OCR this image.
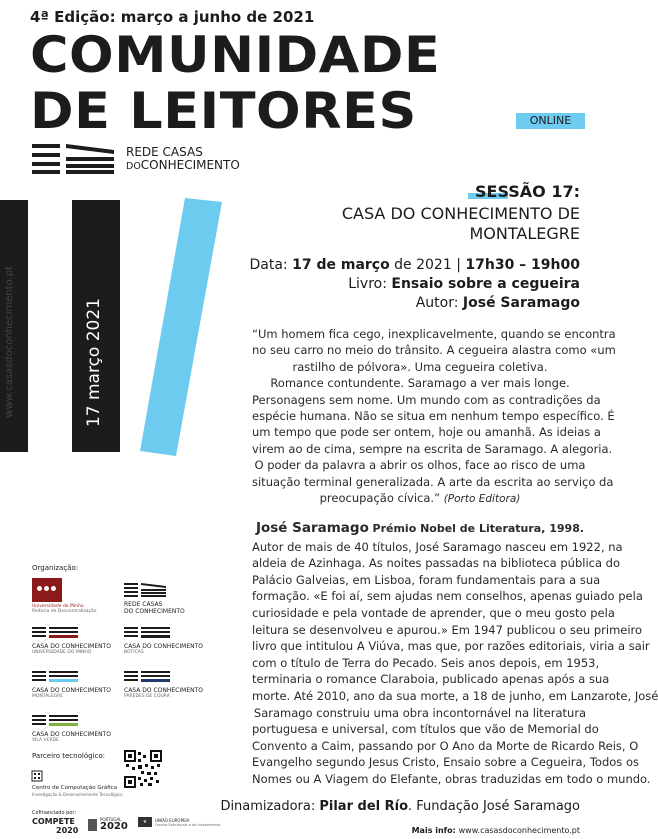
4ª Edição: março a junho de 2021
COMUNIDADE
DE LEITORES	ONLINE
REDE CASAS
DOCONHECIMENTO
www.casasdoconhecimento.pt	17 março 2021
SESSÃO 17:
CASA DO CONHECIMENTO DE
MONTALEGRE
Data: 17 de março de 2021 | 17h30 – 19h00
Livro: Ensaio sobre a cegueira
Autor: José Saramago
“Um homem fica cego, inexplicavelmente, quando se encontra
no seu carro no meio do trânsito. A cegueira alastra como «um
rastilho de pólvora». Uma cegueira coletiva.
Romance contundente. Saramago a ver mais longe.
Personagens sem nome. Um mundo com as contradições da
espécie humana. Não se situa em nenhum tempo específico. É
um tempo que pode ser ontem, hoje ou amanhã. As ideias a
virem ao de cima, sempre na escrita de Saramago. A alegoria.
O poder da palavra a abrir os olhos, face ao risco de uma
situação terminal generalizada. A arte da escrita ao serviço da
preocupação cívica.” (Porto Editora)
José Saramago Prémio Nobel de Literatura, 1998.
Autor de mais de 40 títulos, José Saramago nasceu em 1922, na
aldeia de Azinhaga. As noites passadas na biblioteca pública do
Palácio Galveias, em Lisboa, foram fundamentais para a sua
formação. «E foi aí, sem ajudas nem conselhos, apenas guiado pela
curiosidade e pela vontade de aprender, que o meu gosto pela
leitura se desenvolveu e apurou.» Em 1947 publicou o seu primeiro
livro que intitulou A Viúva, mas que, por razões editoriais, viria a sair
com o título de Terra do Pecado. Seis anos depois, em 1953,
terminaria o romance Claraboia, publicado apenas após a sua
morte. Até 2010, ano da sua morte, a 18 de junho, em Lanzarote, José
Saramago construiu uma obra incontornável na literatura
portuguesa e universal, com títulos que vão de Memorial do
Convento a Caim, passando por O Ano da Morte de Ricardo Reis, O
Evangelho segundo Jesus Cristo, Ensaio sobre a Cegueira, Todos os
Nomes ou A Viagem do Elefante, obras traduzidas em todo o mundo.
Dinamizadora: Pilar del Río. Fundação José Saramago
Mais info: www.casasdoconhecimento.pt
Organização:
Universidade do Minho
Reitoria de Descentralização
REDE CASAS
DO CONHECIMENTO
CASA DO CONHECIMENTO
UNIVERSIDADE DO MINHO
CASA DO CONHECIMENTO
BOTICAS
CASA DO CONHECIMENTO
MONTALEGRE
CASA DO CONHECIMENTO
PAREDES DE COURA
CASA DO CONHECIMENTO
VILA VERDE
Parceiro tecnológico:
Centro de Computação Gráfica
Investigação & Desenvolvimento Tecnológico
Cofinanciado por:
COMPETE
2020
PORTUGAL
2020	★	UNIÃO EUROPEIA
Fundos Estruturais e de Investimento
